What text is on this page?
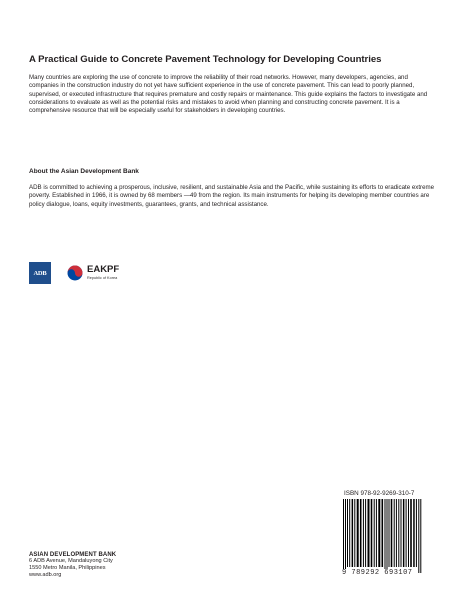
A Practical Guide to Concrete Pavement Technology for Developing Countries

Many countries are exploring the use of concrete to improve the reliability of their road networks. However, many developers, agencies, and companies in the construction industry do not yet have sufficient experience in the use of concrete pavement. This can lead to poorly planned, supervised, or executed infrastructure that requires premature and costly repairs or maintenance. This guide explains the factors to investigate and considerations to evaluate as well as the potential risks and mistakes to avoid when planning and constructing concrete pavement. It is a comprehensive resource that will be especially useful for stakeholders in developing countries.

About the Asian Development Bank

ADB is committed to achieving a prosperous, inclusive, resilient, and sustainable Asia and the Pacific, while sustaining its efforts to eradicate extreme poverty. Established in 1966, it is owned by 68 members —49 from the region. Its main instruments for helping its developing member countries are policy dialogue, loans, equity investments, guarantees, grants, and technical assistance.

ADB	EAKPF
Republic of Korea
ASIAN DEVELOPMENT BANK
6 ADB Avenue, Mandaluyong City
1550 Metro Manila, Philippines
www.adb.org
ISBN 978-92-9269-310-7
9 789292 693107
